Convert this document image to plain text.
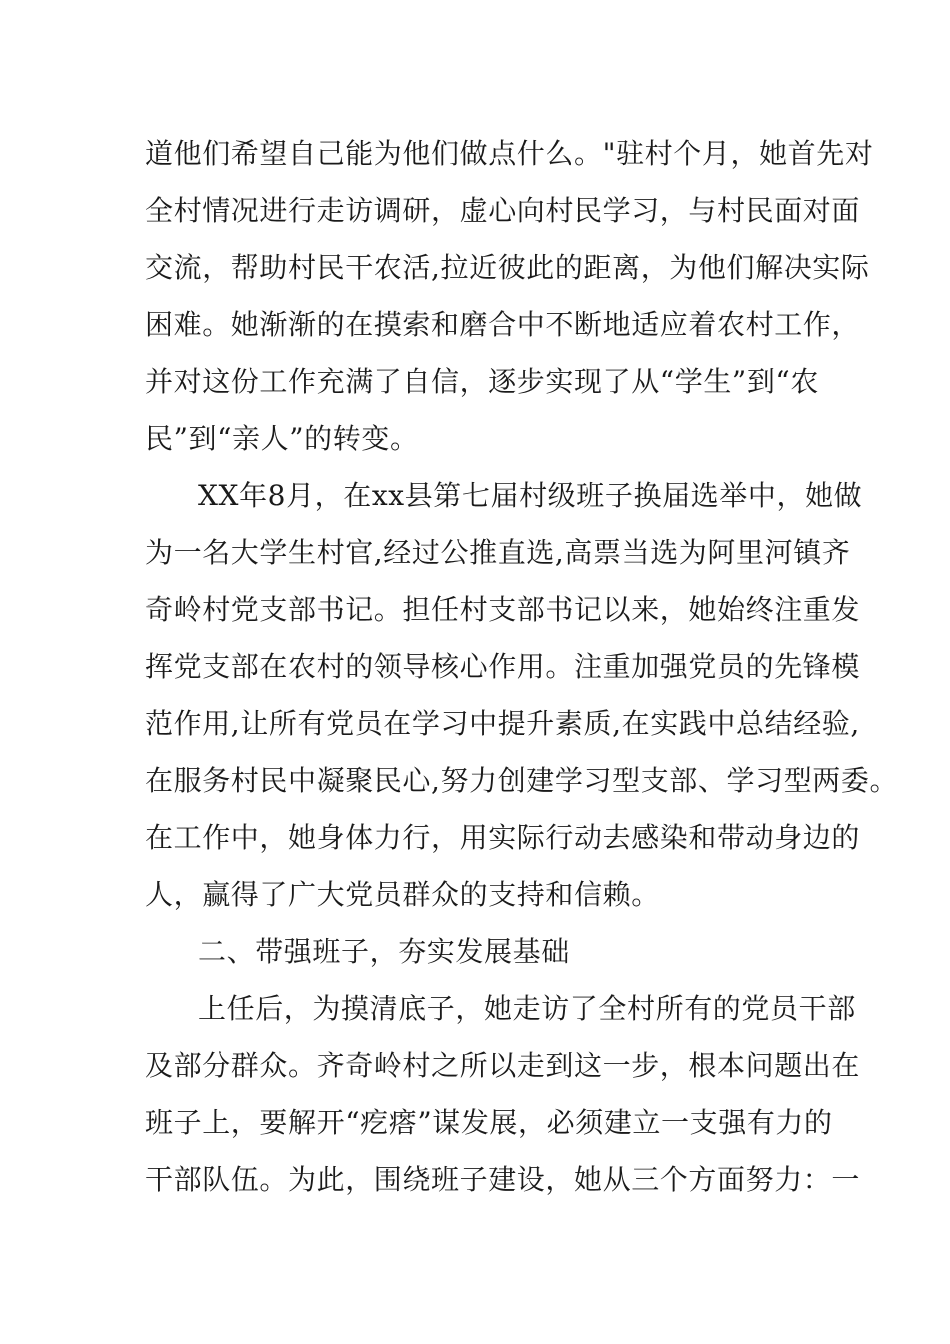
道他们希望自己能为他们做点什么。"驻村个月，她首先对

全村情况进行走访调研，虚心向村民学习，与村民面对面

交流，帮助村民干农活,拉近彼此的距离，为他们解决实际

困难。她渐渐的在摸索和磨合中不断地适应着农村工作，

并对这份工作充满了自信，逐步实现了从“学生”到“农

民”到“亲人”的转变。

XX年8月，在xx县第七届村级班子换届选举中，她做

为一名大学生村官,经过公推直选,高票当选为阿里河镇齐

奇岭村党支部书记。担任村支部书记以来，她始终注重发

挥党支部在农村的领导核心作用。注重加强党员的先锋模

范作用,让所有党员在学习中提升素质,在实践中总结经验,

在服务村民中凝聚民心,努力创建学习型支部、学习型两委。

在工作中，她身体力行，用实际行动去感染和带动身边的

人，赢得了广大党员群众的支持和信赖。

二、带强班子，夯实发展基础

上任后，为摸清底子，她走访了全村所有的党员干部

及部分群众。齐奇岭村之所以走到这一步，根本问题出在

班子上，要解开“疙瘩”谋发展，必须建立一支强有力的

干部队伍。为此，围绕班子建设，她从三个方面努力：一
